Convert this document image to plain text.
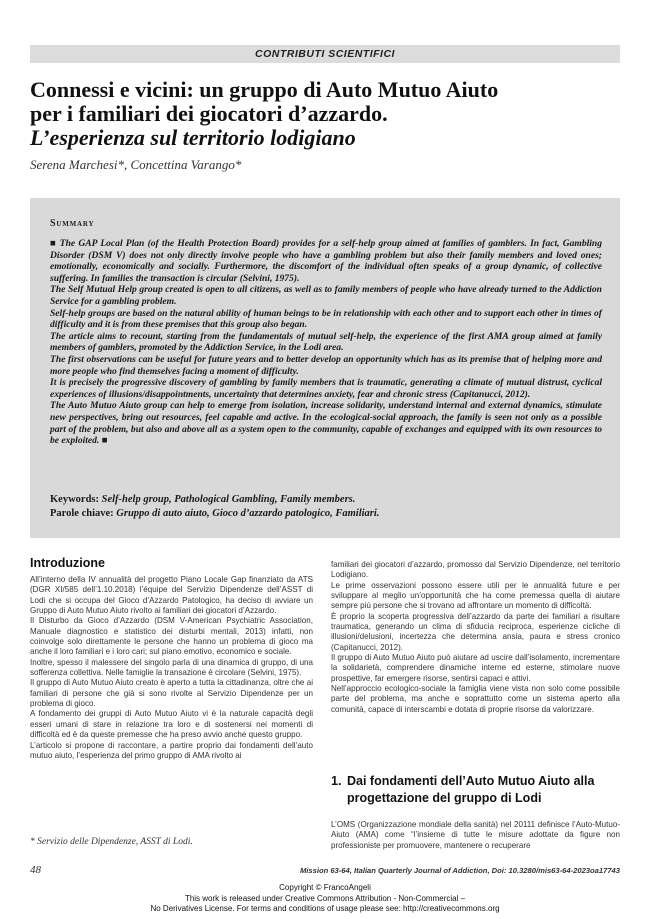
CONTRIBUTI SCIENTIFICI
Connessi e vicini: un gruppo di Auto Mutuo Aiuto
per i familiari dei giocatori d’azzardo.
L’esperienza sul territorio lodigiano
Serena Marchesi*, Concettina Varango*
Summary

■ The GAP Local Plan (of the Health Protection Board) provides for a self-help group aimed at families of gamblers. In fact, Gambling Disorder (DSM V) does not only directly involve people who have a gambling problem but also their family members and loved ones; emotionally, economically and socially. Furthermore, the discomfort of the individual often speaks of a group dynamic, of collective suffering. In families the transaction is circular (Selvini, 1975).

The Self Mutual Help group created is open to all citizens, as well as to family members of people who have already turned to the Addiction Service for a gambling problem.

Self-help groups are based on the natural ability of human beings to be in relationship with each other and to support each other in times of difficulty and it is from these premises that this group also began.

The article aims to recount, starting from the fundamentals of mutual self-help, the experience of the first AMA group aimed at family members of gamblers, promoted by the Addiction Service, in the Lodi area.

The first observations can be useful for future years and to better develop an opportunity which has as its premise that of helping more and more people who find themselves facing a moment of difficulty.

It is precisely the progressive discovery of gambling by family members that is traumatic, generating a climate of mutual distrust, cyclical experiences of illusions/disappointments, uncertainty that determines anxiety, fear and chronic stress (Capitanucci, 2012).

The Auto Mutuo Aiuto group can help to emerge from isolation, increase solidarity, understand internal and external dynamics, stimulate new perspectives, bring out resources, feel capable and active. In the ecological-social approach, the family is seen not only as a possible part of the problem, but also and above all as a system open to the community, capable of exchanges and equipped with its own resources to be exploited. ■

Keywords: Self-help group, Pathological Gambling, Family members.
Parole chiave: Gruppo di auto aiuto, Gioco d’azzardo patologico, Familiari.
Introduzione

All’interno della IV annualità del progetto Piano Locale Gap finanziato da ATS (DGR XI/585 dell’1.10.2018) l’équipe del Servizio Dipendenze dell’ASST di Lodi che si occupa del Gioco d’Azzardo Patologico, ha deciso di avviare un Gruppo di Auto Mutuo Aiuto rivolto ai familiari dei giocatori d’Azzardo.

Il Disturbo da Gioco d’Azzardo (DSM V-American Psychiatric Association, Manuale diagnostico e statistico dei disturbi mentali, 2013) infatti, non coinvolge solo direttamente le persone che hanno un problema di gioco ma anche il loro familiari e i loro cari; sul piano emotivo, economico e sociale.

Inoltre, spesso il malessere del singolo parla di una dinamica di gruppo, di una sofferenza collettiva. Nelle famiglie la transazione è circolare (Selvini, 1975).

Il gruppo di Auto Mutuo Aiuto creato è aperto a tutta la cittadinanza, oltre che ai familiari di persone che già si sono rivolte al Servizio Dipendenze per un problema di gioco.

A fondamento dei gruppi di Auto Mutuo Aiuto vi è la naturale capacità degli esseri umani di stare in relazione tra loro e di sostenersi nei momenti di difficoltà ed è da queste premesse che ha preso avvio anche questo gruppo.

L’articolo si propone di raccontare, a partire proprio dai fondamenti dell’auto mutuo aiuto, l’esperienza del primo gruppo di AMA rivolto ai

familiari dei giocatori d’azzardo, promosso dal Servizio Dipendenze, nel territorio Lodigiano.

Le prime osservazioni possono essere utili per le annualità future e per sviluppare al meglio un’opportunità che ha come premessa quella di aiutare sempre più persone che si trovano ad affrontare un momento di difficoltà.

È proprio la scoperta progressiva dell’azzardo da parte dei familiari a risultare traumatica, generando un clima di sfiducia reciproca, esperienze cicliche di illusioni/delusioni, incertezza che determina ansia, paura e stress cronico (Capitanucci, 2012).

Il gruppo di Auto Mutuo Aiuto può aiutare ad uscire dall’isolamento, incrementare la solidarietà, comprendere dinamiche interne ed esterne, stimolare nuove prospettive, far emergere risorse, sentirsi capaci e attivi.

Nell’approccio ecologico-sociale la famiglia viene vista non solo come possibile parte del problema, ma anche e soprattutto come un sistema aperto alla comunità, capace di interscambi e dotata di proprie risorse da valorizzare.

1. Dai fondamenti dell’Auto Mutuo Aiuto alla
progettazione del gruppo di Lodi

L’OMS (Organizzazione mondiale della sanità) nel 20111 definisce l’Auto-Mutuo-Aiuto (AMA) come “l’insieme di tutte le misure adottate da figure non professioniste per promuovere, mantenere o recuperare

* Servizio delle Dipendenze, ASST di Lodi.
48	Mission 63-64, Italian Quarterly Journal of Addiction, Doi: 10.3280/mis63-64-2023oa17743
Copyright © FrancoAngeli
This work is released under Creative Commons Attribution - Non-Commercial –
No Derivatives License. For terms and conditions of usage please see: http://creativecommons.org
